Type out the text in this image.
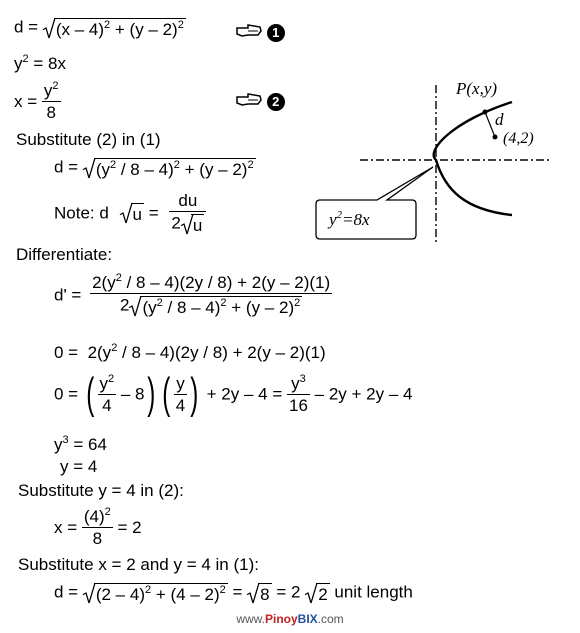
d = (x – 4)$^2$ + (y – 2)$^2$	1
$y^2 = 8x$
$x = \frac{y^2}{8}$	2
Substitute (2) in (1)
$d = (y^2 / 8 - 4)^2 + (y - 2)^2$
Note: d $u = \frac{du}{2 u}$
Differentiate:
$d' = \frac{2(y^2 / 8 - 4)(2y / 8) + 2(y - 2)(1)}{2 (y^2 / 8 - 4)^2 + (y - 2)^2}$
$0 = 2(y^2 / 8 - 4)(2y / 8) + 2(y - 2)(1)$
0 = ( $\frac{y^2}{4} - 8$) ( $\frac{y}{4}$ ) + $2y - 4 = \frac{y^3}{16} - 2y + 2y - 4$
$y^3 = 64$
y = 4
Substitute y = 4 in (2):
$x = \frac{(4)^2}{8} = 2$
Substitute x = 2 and y = 4 in (1):
d = (2 – 4)$^2$ + (4 – 2)$^2$ = 8 = 2 2 unit length
P(x,y)
d
(4,2)
$y^2=8x$
www.PinoyBIX.com
